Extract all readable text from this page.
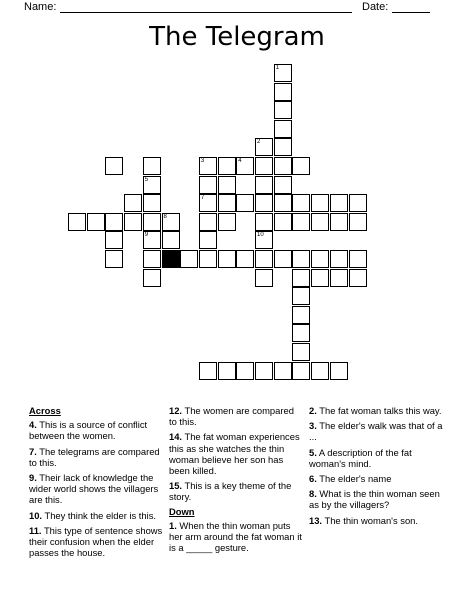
Name:	Date:
The Telegram
1
2
3	4
5
7
8
9	10
Across
4. This is a source of conflict between the women.
7. The telegrams are compared to this.
9. Their lack of knowledge the wider world shows the villagers are this.
10. They think the elder is this.
11. This type of sentence shows their confusion when the elder passes the house.
12. The women are compared to this.
14. The fat woman experiences this as she watches the thin woman believe her son has been killed.
15. This is a key theme of the story.
Down
1. When the thin woman puts her arm around the fat woman it is a _____ gesture.
2. The fat woman talks this way.
3. The elder's walk was that of a ...
5. A description of the fat woman's mind.
6. The elder's name
8. What is the thin woman seen as by the villagers?
13. The thin woman's son.
